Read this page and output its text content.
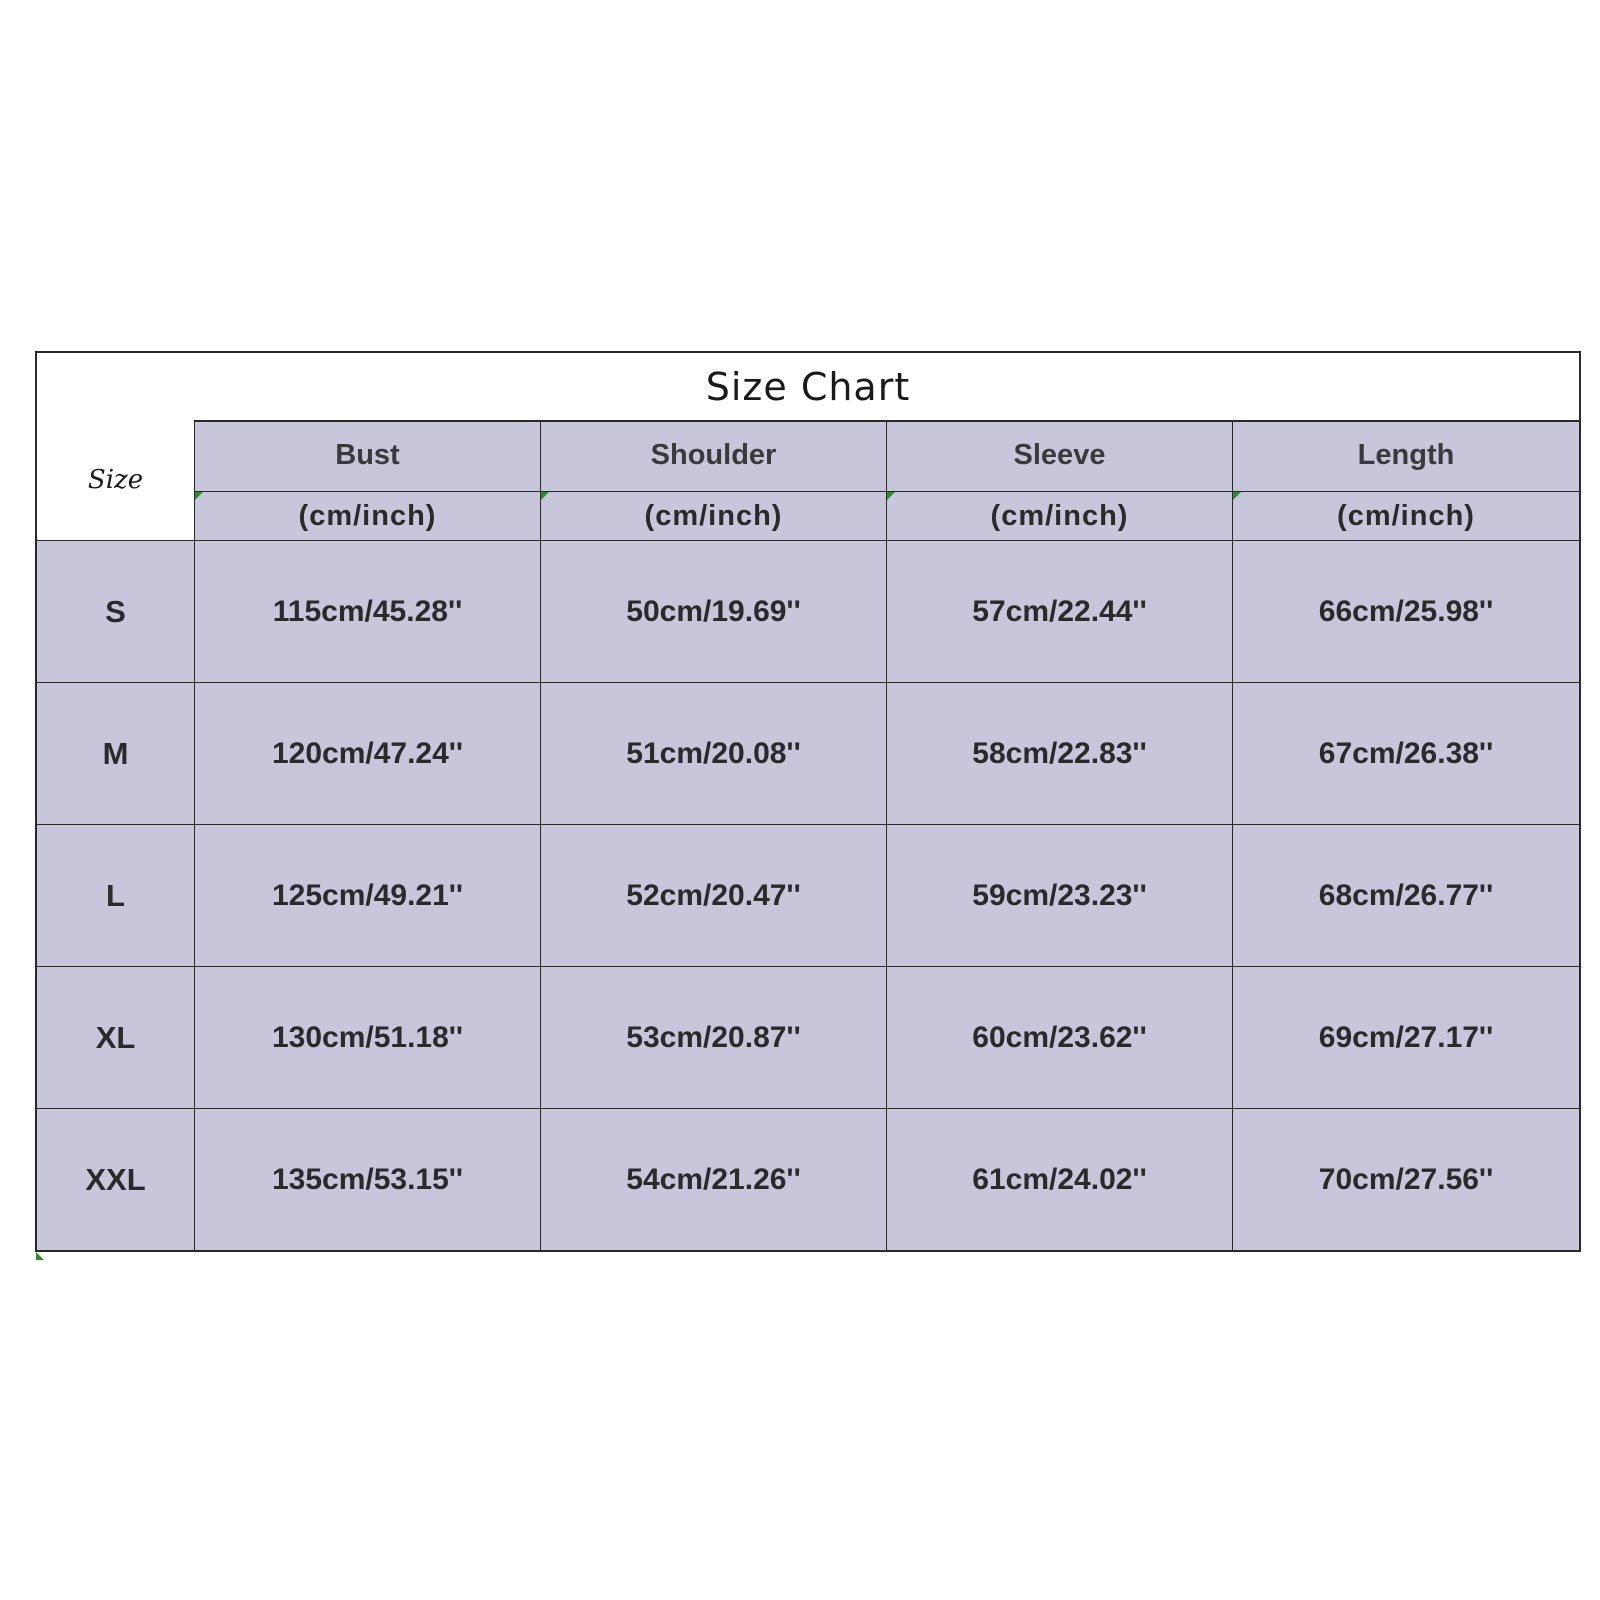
Size Chart
Size
Bust	Shoulder	Sleeve	Length
(cm/inch)	(cm/inch)	(cm/inch)	(cm/inch)
S	115cm/45.28''	50cm/19.69''	57cm/22.44''	66cm/25.98''
M	120cm/47.24''	51cm/20.08''	58cm/22.83''	67cm/26.38''
L	125cm/49.21''	52cm/20.47''	59cm/23.23''	68cm/26.77''
XL	130cm/51.18''	53cm/20.87''	60cm/23.62''	69cm/27.17''
XXL	135cm/53.15''	54cm/21.26''	61cm/24.02''	70cm/27.56''
